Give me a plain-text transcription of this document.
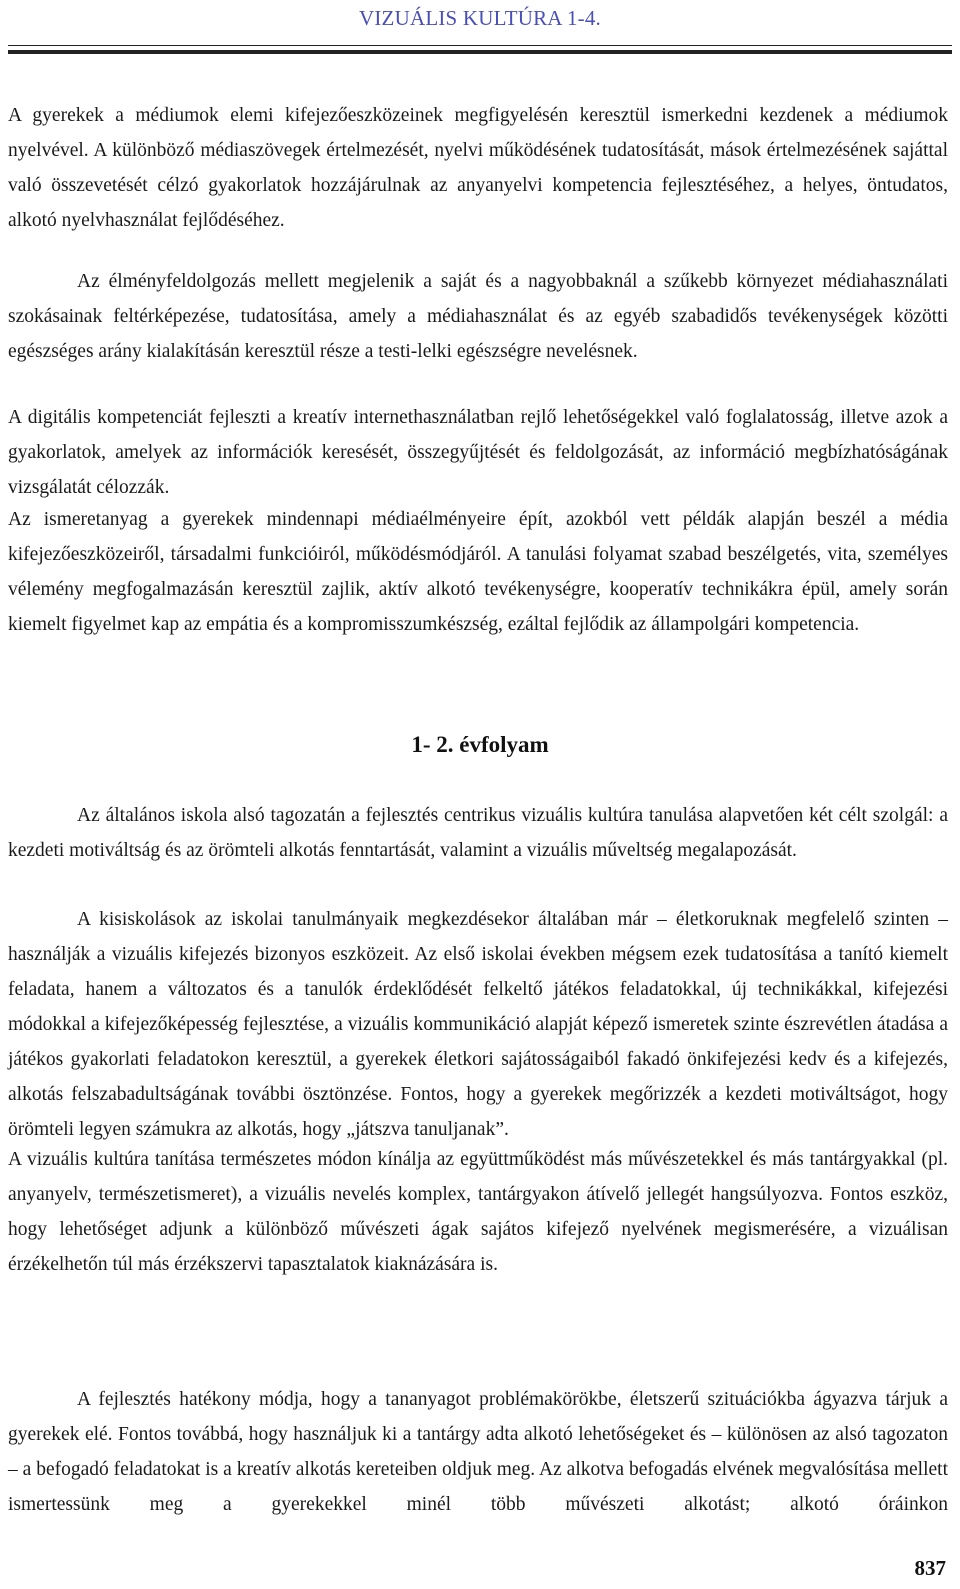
VIZUÁLIS KULTÚRA 1-4.

A gyerekek a médiumok elemi kifejezőeszközeinek megfigyelésén keresztül ismerkedni kezdenek a médiumok nyelvével. A különböző médiaszövegek értelmezését, nyelvi működésének tudatosítását, mások értelmezésének sajáttal való összevetését célzó gyakorlatok hozzájárulnak az anyanyelvi kompetencia fejlesztéséhez, a helyes, öntudatos, alkotó nyelvhasználat fejlődéséhez.

Az élményfeldolgozás mellett megjelenik a saját és a nagyobbaknál a szűkebb környezet médiahasználati szokásainak feltérképezése, tudatosítása, amely a médiahasználat és az egyéb szabadidős tevékenységek közötti egészséges arány kialakításán keresztül része a testi-lelki egészségre nevelésnek.

A digitális kompetenciát fejleszti a kreatív internethasználatban rejlő lehetőségekkel való foglalatosság, illetve azok a gyakorlatok, amelyek az információk keresését, összegyűjtését és feldolgozását, az információ megbízhatóságának vizsgálatát célozzák.

Az ismeretanyag a gyerekek mindennapi médiaélményeire épít, azokból vett példák alapján beszél a média kifejezőeszközeiről, társadalmi funkcióiról, működésmódjáról. A tanulási folyamat szabad beszélgetés, vita, személyes vélemény megfogalmazásán keresztül zajlik, aktív alkotó tevékenységre, kooperatív technikákra épül, amely során kiemelt figyelmet kap az empátia és a kompromisszumkészség, ezáltal fejlődik az állampolgári kompetencia.

1- 2. évfolyam

Az általános iskola alsó tagozatán a fejlesztés centrikus vizuális kultúra tanulása alapvetően két célt szolgál: a kezdeti motiváltság és az örömteli alkotás fenntartását, valamint a vizuális műveltség megalapozását.

A kisiskolások az iskolai tanulmányaik megkezdésekor általában már – életkoruknak megfelelő szinten – használják a vizuális kifejezés bizonyos eszközeit. Az első iskolai években mégsem ezek tudatosítása a tanító kiemelt feladata, hanem a változatos és a tanulók érdeklődését felkeltő játékos feladatokkal, új technikákkal, kifejezési módokkal a kifejezőképesség fejlesztése, a vizuális kommunikáció alapját képező ismeretek szinte észrevétlen átadása a játékos gyakorlati feladatokon keresztül, a gyerekek életkori sajátosságaiból fakadó önkifejezési kedv és a kifejezés, alkotás felszabadultságának további ösztönzése. Fontos, hogy a gyerekek megőrizzék a kezdeti motiváltságot, hogy örömteli legyen számukra az alkotás, hogy „játszva tanuljanak”.

A vizuális kultúra tanítása természetes módon kínálja az együttműködést más művészetekkel és más tantárgyakkal (pl. anyanyelv, természetismeret), a vizuális nevelés komplex, tantárgyakon átívelő jellegét hangsúlyozva. Fontos eszköz, hogy lehetőséget adjunk a különböző művészeti ágak sajátos kifejező nyelvének megismerésére, a vizuálisan érzékelhetőn túl más érzékszervi tapasztalatok kiaknázására is.

A fejlesztés hatékony módja, hogy a tananyagot problémakörökbe, életszerű szituációkba ágyazva tárjuk a gyerekek elé. Fontos továbbá, hogy használjuk ki a tantárgy adta alkotó lehetőségeket és – különösen az alsó tagozaton – a befogadó feladatokat is a kreatív alkotás kereteiben oldjuk meg. Az alkotva befogadás elvének megvalósítása mellett ismertessünk meg a gyerekekkel minél több művészeti alkotást; alkotó óráinkon

837
